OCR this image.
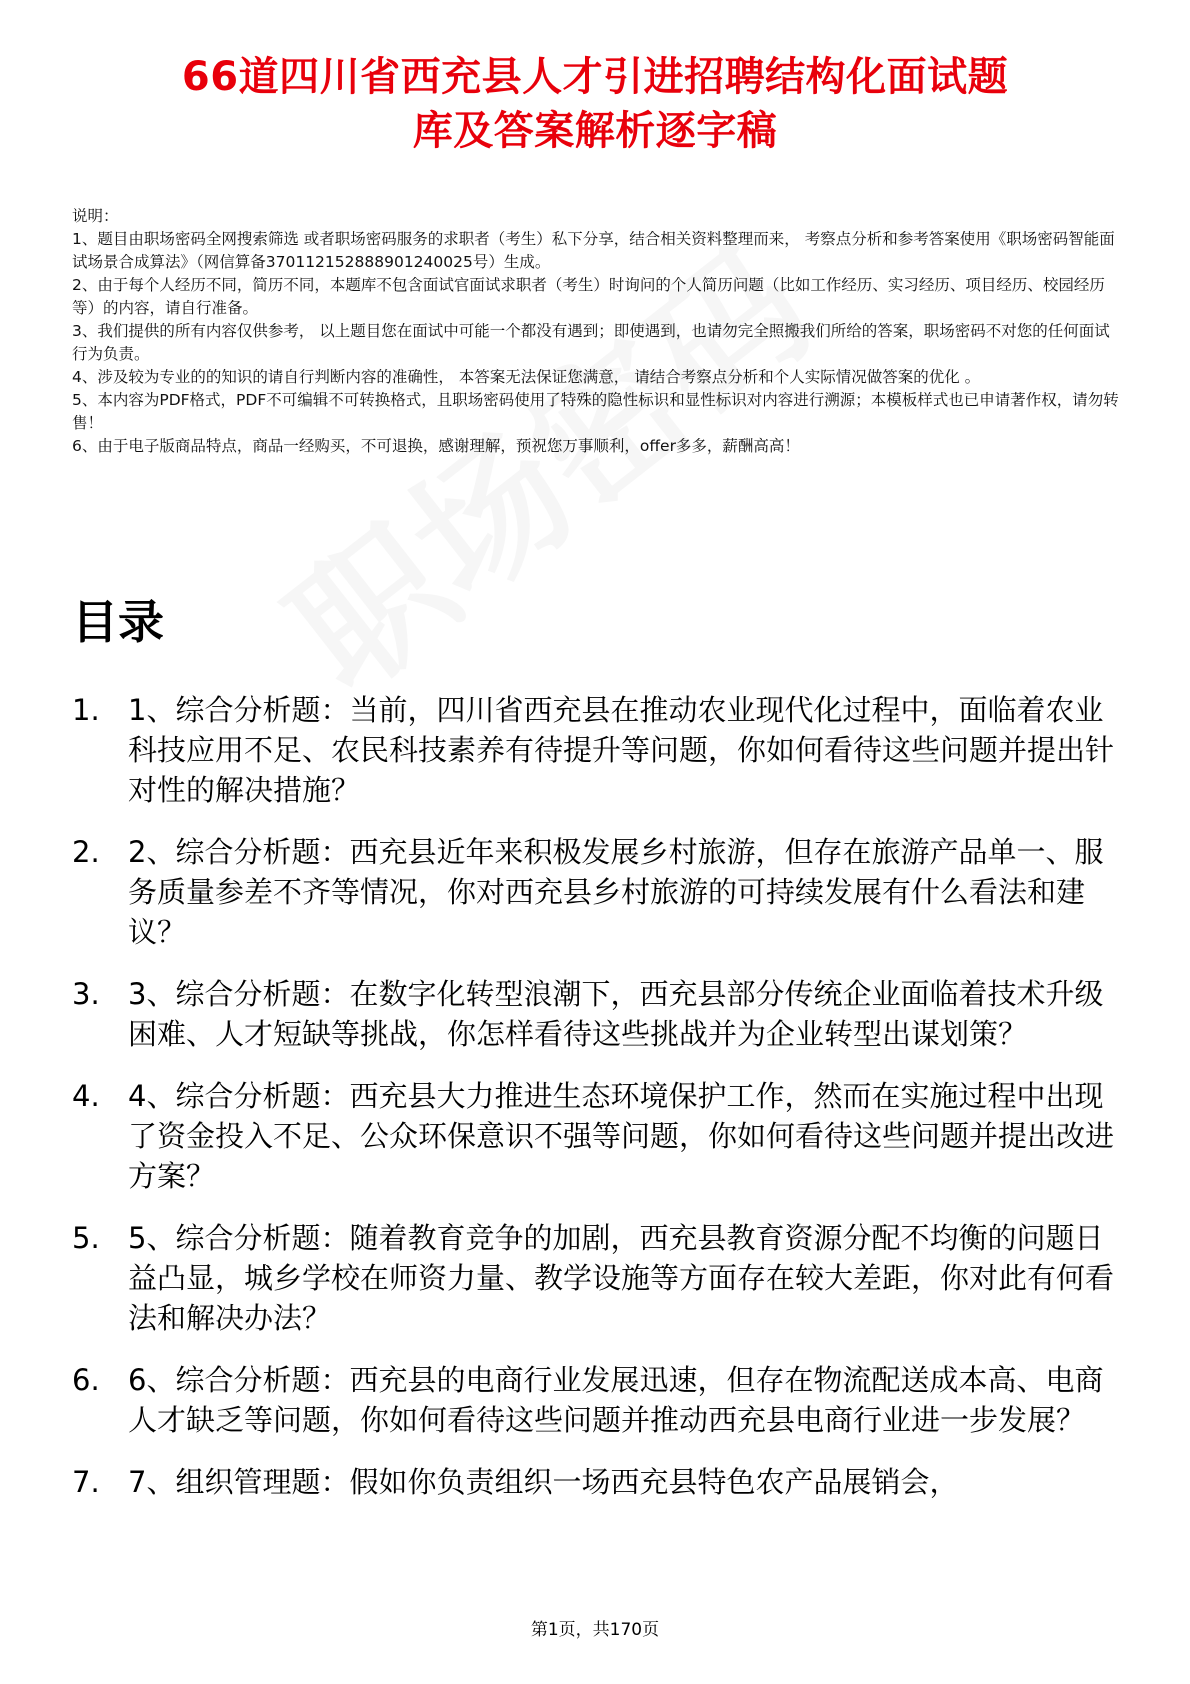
66道四川省西充县人才引进招聘结构化面试题
库及答案解析逐字稿

说明：

1、题目由职场密码全网搜索筛选 或者职场密码服务的求职者（考生）私下分享，结合相关资料整理而来， 考察点分析和参考答案使用《职场密码智能面试场景合成算法》（网信算备370112152888901240025号）生成。

2、由于每个人经历不同，简历不同，本题库不包含面试官面试求职者（考生）时询问的个人简历问题（比如工作经历、实习经历、项目经历、校园经历等）的内容，请自行准备。

3、我们提供的所有内容仅供参考， 以上题目您在面试中可能一个都没有遇到；即使遇到，也请勿完全照搬我们所给的答案，职场密码不对您的任何面试行为负责。

4、涉及较为专业的的知识的请自行判断内容的准确性， 本答案无法保证您满意， 请结合考察点分析和个人实际情况做答案的优化 。

5、本内容为PDF格式，PDF不可编辑不可转换格式，且职场密码使用了特殊的隐性标识和显性标识对内容进行溯源；本模板样式也已申请著作权，请勿转售！

6、由于电子版商品特点，商品一经购买，不可退换，感谢理解，预祝您万事顺利，offer多多，薪酬高高！

目录
1. 1、综合分析题：当前，四川省西充县在推动农业现代化过程中，面临着农业科技应用不足、农民科技素养有待提升等问题，你如何看待这些问题并提出针对性的解决措施？
2. 2、综合分析题：西充县近年来积极发展乡村旅游，但存在旅游产品单一、服务质量参差不齐等情况，你对西充县乡村旅游的可持续发展有什么看法和建议？
3. 3、综合分析题：在数字化转型浪潮下，西充县部分传统企业面临着技术升级困难、人才短缺等挑战，你怎样看待这些挑战并为企业转型出谋划策？
4. 4、综合分析题：西充县大力推进生态环境保护工作，然而在实施过程中出现了资金投入不足、公众环保意识不强等问题，你如何看待这些问题并提出改进方案？
5. 5、综合分析题：随着教育竞争的加剧，西充县教育资源分配不均衡的问题日益凸显，城乡学校在师资力量、教学设施等方面存在较大差距，你对此有何看法和解决办法？
6. 6、综合分析题：西充县的电商行业发展迅速，但存在物流配送成本高、电商人才缺乏等问题，你如何看待这些问题并推动西充县电商行业进一步发展？
7. 7、组织管理题：假如你负责组织一场西充县特色农产品展销会，
第1页，共170页
